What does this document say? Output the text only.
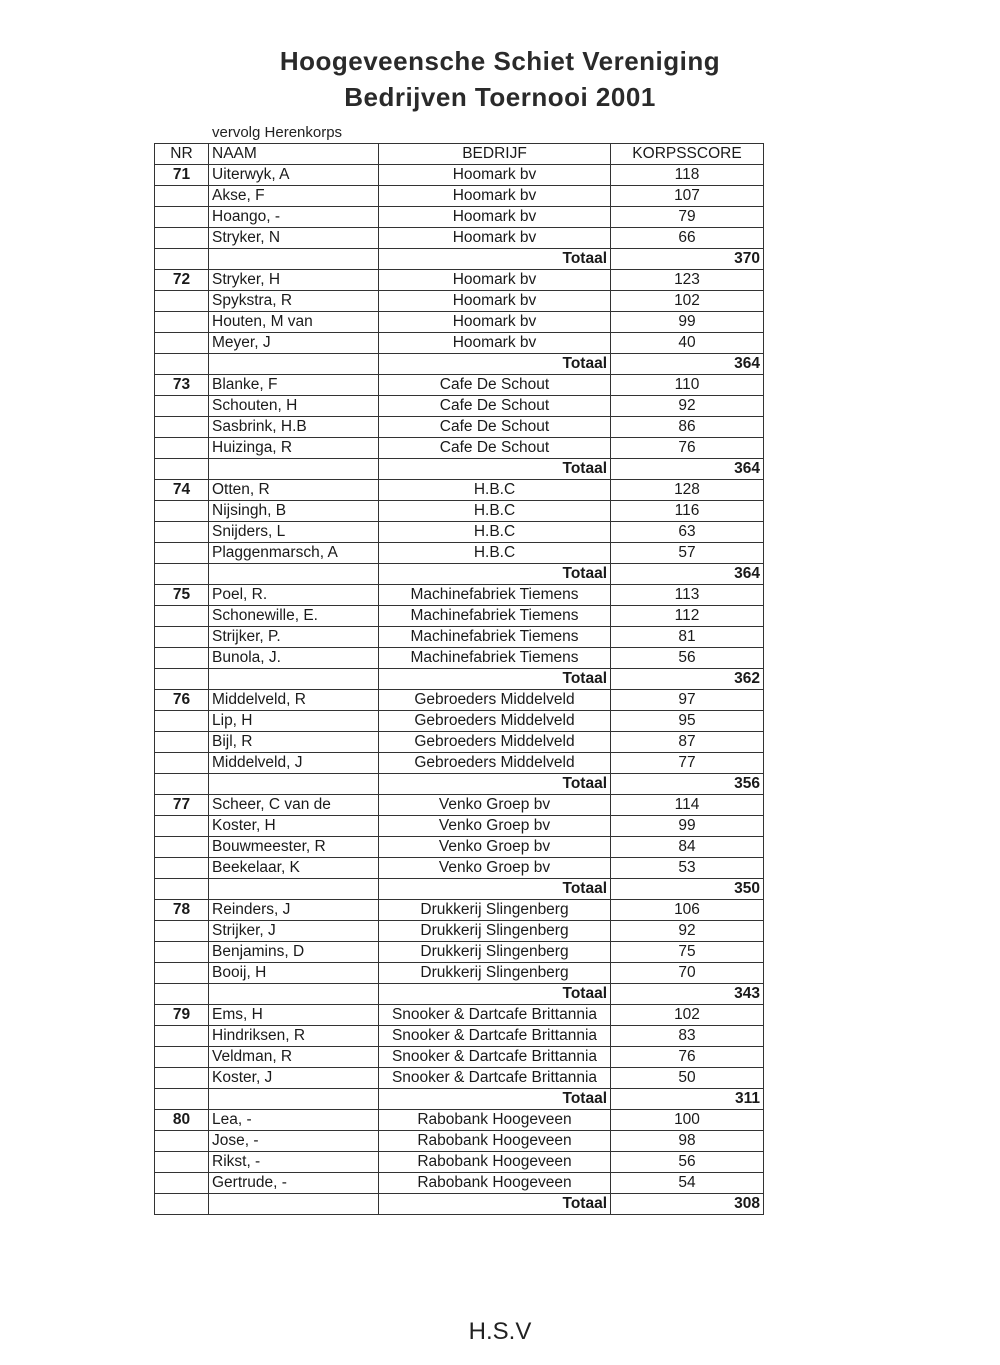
Hoogeveensche Schiet Vereniging
Bedrijven Toernooi 2001
vervolg Herenkorps
NR	NAAM	BEDRIJF	KORPSSCORE
71	Uiterwyk, A	Hoomark bv	118
	Akse, F	Hoomark bv	107
	Hoango, -	Hoomark bv	79
	Stryker, N	Hoomark bv	66
		Totaal	370
72	Stryker, H	Hoomark bv	123
	Spykstra, R	Hoomark bv	102
	Houten, M van	Hoomark bv	99
	Meyer, J	Hoomark bv	40
		Totaal	364
73	Blanke, F	Cafe De Schout	110
	Schouten, H	Cafe De Schout	92
	Sasbrink, H.B	Cafe De Schout	86
	Huizinga, R	Cafe De Schout	76
		Totaal	364
74	Otten, R	H.B.C	128
	Nijsingh, B	H.B.C	116
	Snijders, L	H.B.C	63
	Plaggenmarsch, A	H.B.C	57
		Totaal	364
75	Poel, R.	Machinefabriek Tiemens	113
	Schonewille, E.	Machinefabriek Tiemens	112
	Strijker, P.	Machinefabriek Tiemens	81
	Bunola, J.	Machinefabriek Tiemens	56
		Totaal	362
76	Middelveld, R	Gebroeders Middelveld	97
	Lip, H	Gebroeders Middelveld	95
	Bijl, R	Gebroeders Middelveld	87
	Middelveld, J	Gebroeders Middelveld	77
		Totaal	356
77	Scheer, C van de	Venko Groep bv	114
	Koster, H	Venko Groep bv	99
	Bouwmeester, R	Venko Groep bv	84
	Beekelaar, K	Venko Groep bv	53
		Totaal	350
78	Reinders, J	Drukkerij Slingenberg	106
	Strijker, J	Drukkerij Slingenberg	92
	Benjamins, D	Drukkerij Slingenberg	75
	Booij, H	Drukkerij Slingenberg	70
		Totaal	343
79	Ems, H	Snooker & Dartcafe Brittannia	102
	Hindriksen, R	Snooker & Dartcafe Brittannia	83
	Veldman, R	Snooker & Dartcafe Brittannia	76
	Koster, J	Snooker & Dartcafe Brittannia	50
		Totaal	311
80	Lea, -	Rabobank Hoogeveen	100
	Jose, -	Rabobank Hoogeveen	98
	Rikst, -	Rabobank Hoogeveen	56
	Gertrude, -	Rabobank Hoogeveen	54
		Totaal	308
H.S.V
